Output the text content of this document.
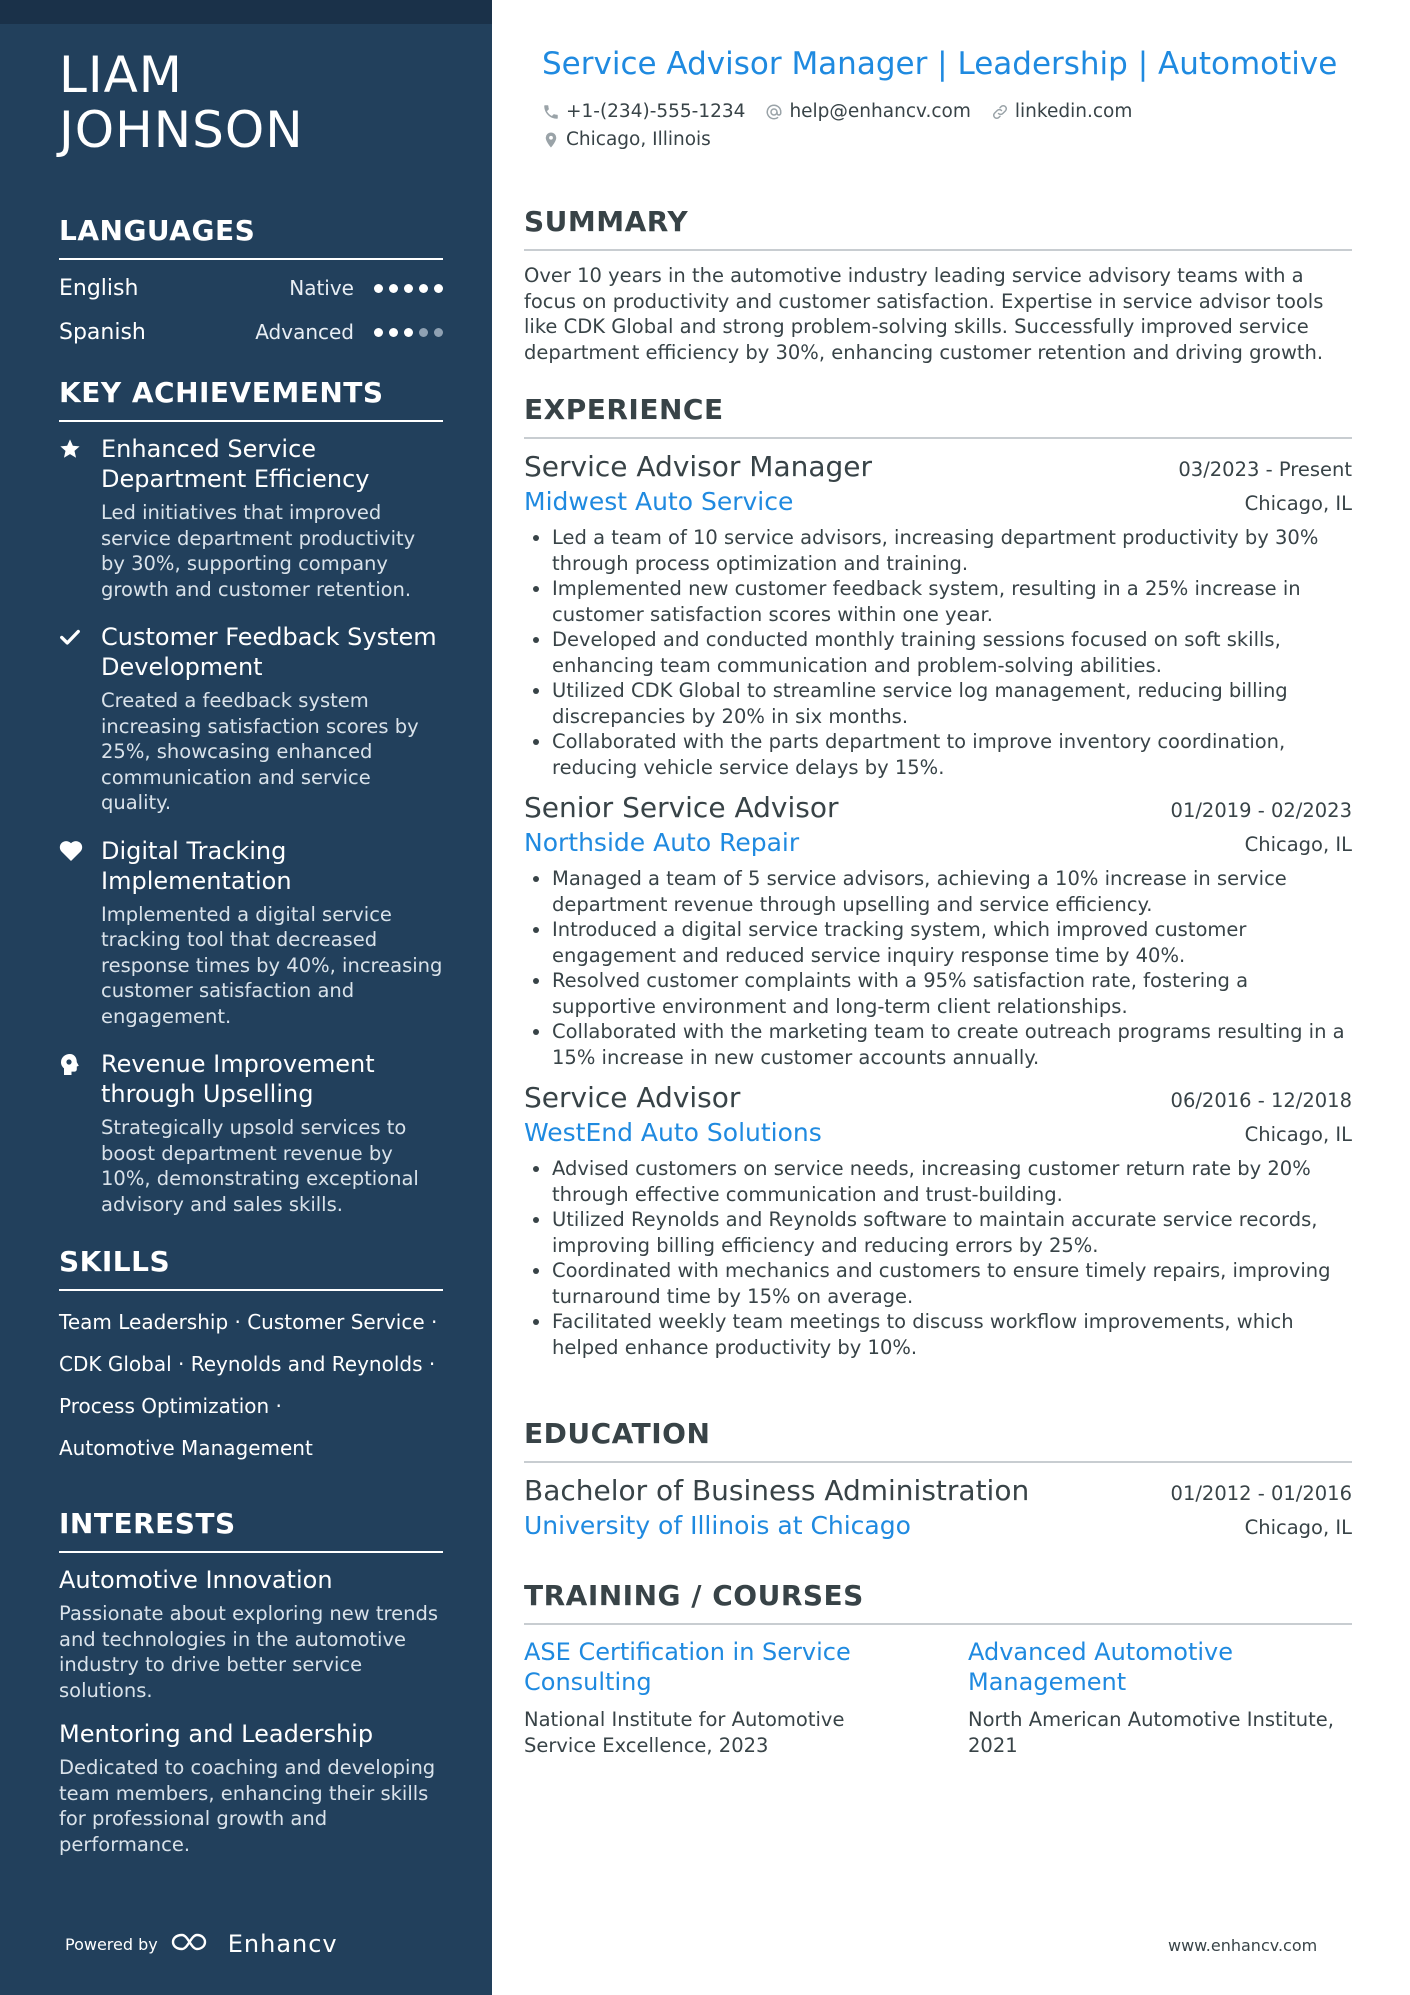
LIAM
JOHNSON
LANGUAGES
English	Native
Spanish	Advanced
KEY ACHIEVEMENTS
Enhanced Service Department Efficiency
Led initiatives that improved service department productivity by 30%, supporting company growth and customer retention.
Customer Feedback System Development
Created a feedback system increasing satisfaction scores by 25%, showcasing enhanced communication and service quality.
Digital Tracking Implementation
Implemented a digital service tracking tool that decreased response times by 40%, increasing customer satisfaction and engagement.
Revenue Improvement through Upselling
Strategically upsold services to boost department revenue by 10%, demonstrating exceptional advisory and sales skills.
SKILLS
Team Leadership · Customer Service ·
CDK Global · Reynolds and Reynolds ·
Process Optimization ·
Automotive Management
INTERESTS
Automotive Innovation
Passionate about exploring new trends and technologies in the automotive industry to drive better service solutions.
Mentoring and Leadership
Dedicated to coaching and developing team members, enhancing their skills for professional growth and performance.
Powered by	Enhancv
Service Advisor Manager | Leadership | Automotive
+1-(234)-555-1234 help@enhancv.com linkedin.com
Chicago, Illinois
SUMMARY
Over 10 years in the automotive industry leading service advisory teams with a focus on productivity and customer satisfaction. Expertise in service advisor tools like CDK Global and strong problem-solving skills. Successfully improved service department efficiency by 30%, enhancing customer retention and driving growth.
EXPERIENCE
Service Advisor Manager	03/2023 - Present
Midwest Auto Service	Chicago, IL
• Led a team of 10 service advisors, increasing department productivity by 30% through process optimization and training.
• Implemented new customer feedback system, resulting in a 25% increase in customer satisfaction scores within one year.
• Developed and conducted monthly training sessions focused on soft skills, enhancing team communication and problem-solving abilities.
• Utilized CDK Global to streamline service log management, reducing billing discrepancies by 20% in six months.
• Collaborated with the parts department to improve inventory coordination, reducing vehicle service delays by 15%.
Senior Service Advisor	01/2019 - 02/2023
Northside Auto Repair	Chicago, IL
• Managed a team of 5 service advisors, achieving a 10% increase in service department revenue through upselling and service efficiency.
• Introduced a digital service tracking system, which improved customer engagement and reduced service inquiry response time by 40%.
• Resolved customer complaints with a 95% satisfaction rate, fostering a supportive environment and long-term client relationships.
• Collaborated with the marketing team to create outreach programs resulting in a 15% increase in new customer accounts annually.
Service Advisor	06/2016 - 12/2018
WestEnd Auto Solutions	Chicago, IL
• Advised customers on service needs, increasing customer return rate by 20% through effective communication and trust-building.
• Utilized Reynolds and Reynolds software to maintain accurate service records, improving billing efficiency and reducing errors by 25%.
• Coordinated with mechanics and customers to ensure timely repairs, improving turnaround time by 15% on average.
• Facilitated weekly team meetings to discuss workflow improvements, which helped enhance productivity by 10%.
EDUCATION
Bachelor of Business Administration	01/2012 - 01/2016
University of Illinois at Chicago	Chicago, IL
TRAINING / COURSES
ASE Certification in Service Consulting
National Institute for Automotive Service Excellence, 2023
Advanced Automotive Management
North American Automotive Institute, 2021
www.enhancv.com
